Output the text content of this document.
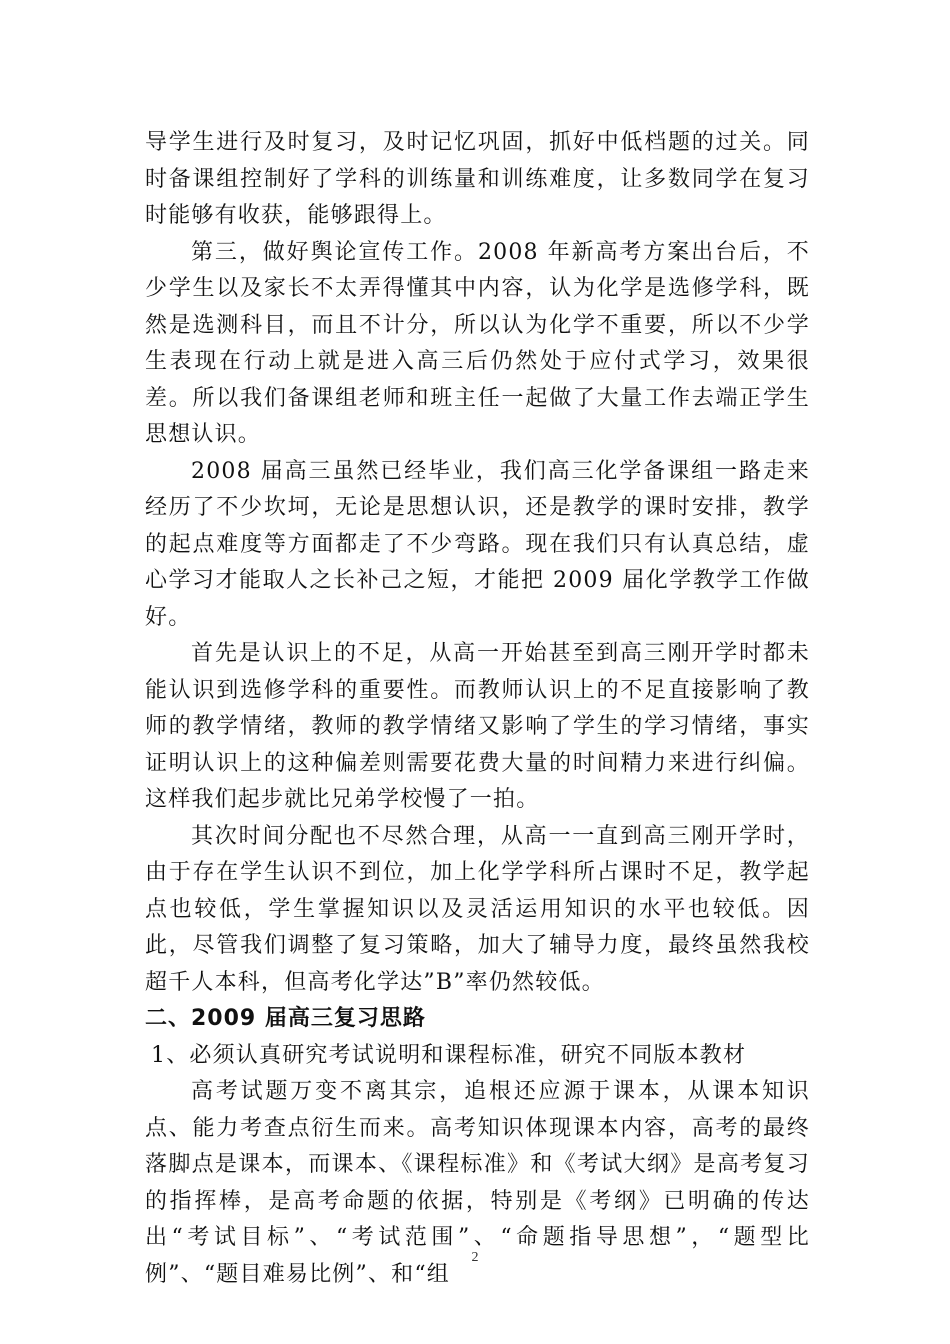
导学生进行及时复习，及时记忆巩固，抓好中低档题的过关。同时备课组控制好了学科的训练量和训练难度，让多数同学在复习时能够有收获，能够跟得上。

第三，做好舆论宣传工作。2008 年新高考方案出台后，不少学生以及家长不太弄得懂其中内容，认为化学是选修学科，既然是选测科目，而且不计分，所以认为化学不重要，所以不少学生表现在行动上就是进入高三后仍然处于应付式学习，效果很差。所以我们备课组老师和班主任一起做了大量工作去端正学生思想认识。

2008 届高三虽然已经毕业，我们高三化学备课组一路走来经历了不少坎坷，无论是思想认识，还是教学的课时安排，教学的起点难度等方面都走了不少弯路。现在我们只有认真总结，虚心学习才能取人之长补己之短，才能把 2009 届化学教学工作做好。

首先是认识上的不足，从高一开始甚至到高三刚开学时都未能认识到选修学科的重要性。而教师认识上的不足直接影响了教师的教学情绪，教师的教学情绪又影响了学生的学习情绪，事实证明认识上的这种偏差则需要花费大量的时间精力来进行纠偏。这样我们起步就比兄弟学校慢了一拍。

其次时间分配也不尽然合理，从高一一直到高三刚开学时，由于存在学生认识不到位，加上化学学科所占课时不足，教学起点也较低，学生掌握知识以及灵活运用知识的水平也较低。因此，尽管我们调整了复习策略，加大了辅导力度，最终虽然我校超千人本科，但高考化学达”B”率仍然较低。

二、2009 届高三复习思路

1、必须认真研究考试说明和课程标准，研究不同版本教材

高考试题万变不离其宗，追根还应源于课本，从课本知识点、能力考查点衍生而来。高考知识体现课本内容，高考的最终落脚点是课本，而课本、《课程标准》和《考试大纲》是高考复习的指挥棒，是高考命题的依据，特别是《考纲》已明确的传达出“考试目标”、“考试范围”、“命题指导思想”，“题型比例”、“题目难易比例”、和“组

2
